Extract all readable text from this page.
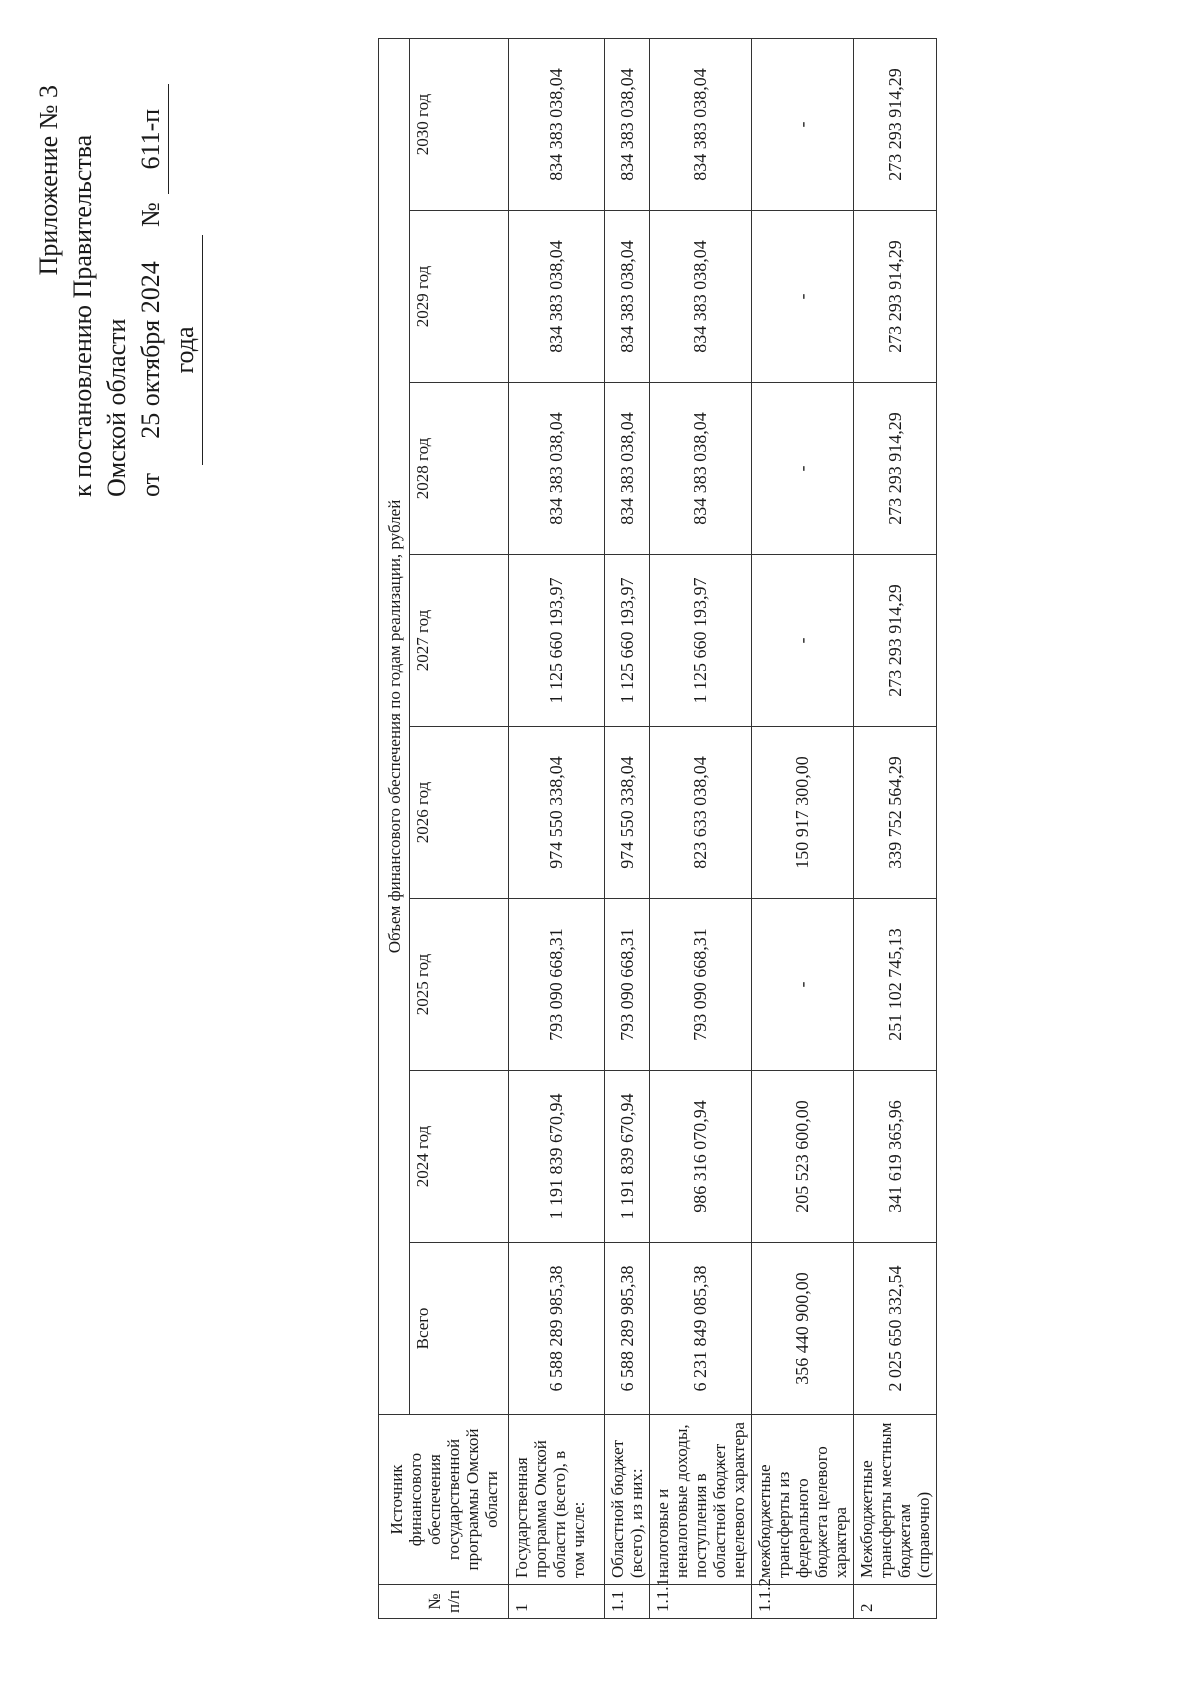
Приложение № 3 к постановлению Правительства Омской области от
25 октября 2024 года
№
611-п
№ п/п	Источник финансового обеспечения государственной программы Омской области	Объем финансового обеспечения по годам реализации, рублей							
		Всего	2024 год	2025 год	2026 год	2027 год	2028 год	2029 год	2030 год
1	Государственная программа Омской области (всего), в том числе:	6 588 289 985,38	1 191 839 670,94	793 090 668,31	974 550 338,04	1 125 660 193,97	834 383 038,04	834 383 038,04	834 383 038,04
1.1	Областной бюджет (всего), из них:	6 588 289 985,38	1 191 839 670,94	793 090 668,31	974 550 338,04	1 125 660 193,97	834 383 038,04	834 383 038,04	834 383 038,04
1.1.1	налоговые и неналоговые доходы, поступления в областной бюджет нецелевого характера	6 231 849 085,38	986 316 070,94	793 090 668,31	823 633 038,04	1 125 660 193,97	834 383 038,04	834 383 038,04	834 383 038,04
1.1.2	межбюджетные трансферты из федерального бюджета целевого характера	356 440 900,00	205 523 600,00	-	150 917 300,00	-	-	-	-
2	Межбюджетные трансферты местным бюджетам (справочно)	2 025 650 332,54	341 619 365,96	251 102 745,13	339 752 564,29	273 293 914,29	273 293 914,29	273 293 914,29	273 293 914,29
